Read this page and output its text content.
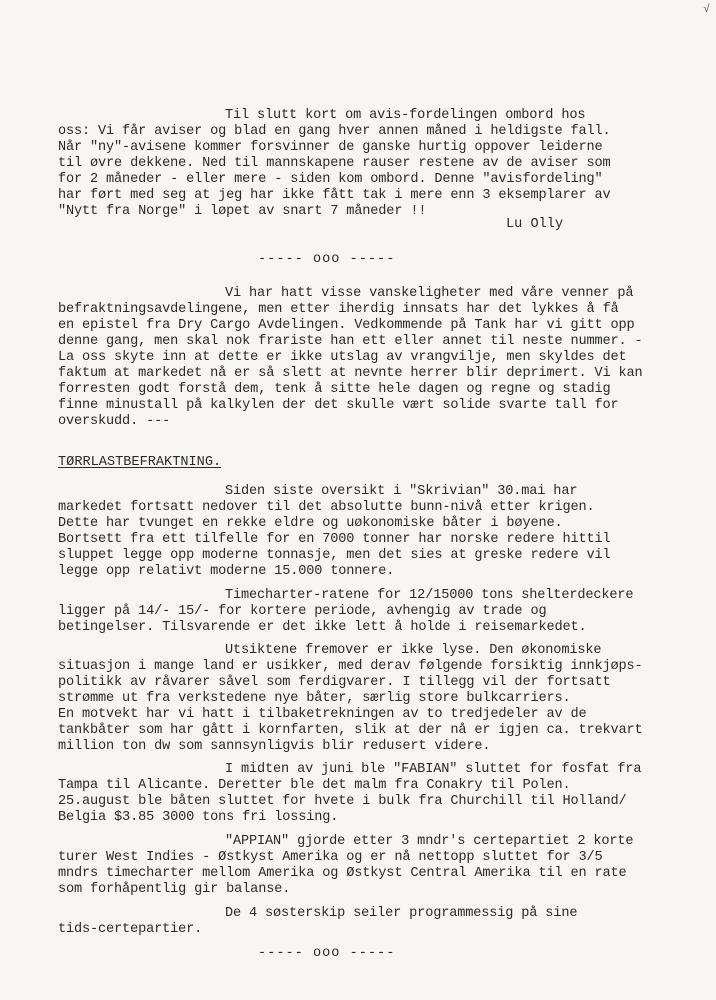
√
Til slutt kort om avis-fordelingen ombord hos
oss: Vi får aviser og blad en gang hver annen måned i heldigste fall.
Når "ny"-avisene kommer forsvinner de ganske hurtig oppover leiderne
til øvre dekkene. Ned til mannskapene rauser restene av de aviser som
for 2 måneder - eller mere - siden kom ombord. Denne "avisfordeling"
har ført med seg at jeg har ikke fått tak i mere enn 3 eksemplarer av
"Nytt fra Norge" i løpet av snart 7 måneder !!
Lu Olly
----- ooo -----
Vi har hatt visse vanskeligheter med våre venner på
befraktningsavdelingene, men etter iherdig innsats har det lykkes å få
en epistel fra Dry Cargo Avdelingen. Vedkommende på Tank har vi gitt opp
denne gang, men skal nok frariste han ett eller annet til neste nummer. -
La oss skyte inn at dette er ikke utslag av vrangvilje, men skyldes det
faktum at markedet nå er så slett at nevnte herrer blir deprimert. Vi kan
forresten godt forstå dem, tenk å sitte hele dagen og regne og stadig
finne minustall på kalkylen der det skulle vært solide svarte tall for
overskudd. ---
TØRRLASTBEFRAKTNING.
Siden siste oversikt i "Skrivian" 30.mai har
markedet fortsatt nedover til det absolutte bunn-nivå etter krigen.
Dette har tvunget en rekke eldre og uøkonomiske båter i bøyene.
Bortsett fra ett tilfelle for en 7000 tonner har norske redere hittil
sluppet legge opp moderne tonnasje, men det sies at greske redere vil
legge opp relativt moderne 15.000 tonnere.
Timecharter-ratene for 12/15000 tons shelterdeckere
ligger på 14/- 15/- for kortere periode, avhengig av trade og
betingelser. Tilsvarende er det ikke lett å holde i reisemarkedet.
Utsiktene fremover er ikke lyse. Den økonomiske
situasjon i mange land er usikker, med derav følgende forsiktig innkjøps-
politikk av råvarer såvel som ferdigvarer. I tillegg vil der fortsatt
strømme ut fra verkstedene nye båter, særlig store bulkcarriers.
En motvekt har vi hatt i tilbaketrekningen av to tredjedeler av de
tankbåter som har gått i kornfarten, slik at der nå er igjen ca. trekvart
million ton dw som sannsynligvis blir redusert videre.
I midten av juni ble "FABIAN" sluttet for fosfat fra
Tampa til Alicante. Deretter ble det malm fra Conakry til Polen.
25.august ble båten sluttet for hvete i bulk fra Churchill til Holland/
Belgia $3.85 3000 tons fri lossing.
"APPIAN" gjorde etter 3 mndr's certepartiet 2 korte
turer West Indies - Østkyst Amerika og er nå nettopp sluttet for 3/5
mndrs timecharter mellom Amerika og Østkyst Central Amerika til en rate
som forhåpentlig gir balanse.
De 4 søsterskip seiler programmessig på sine
tids-certepartier.
----- ooo -----
